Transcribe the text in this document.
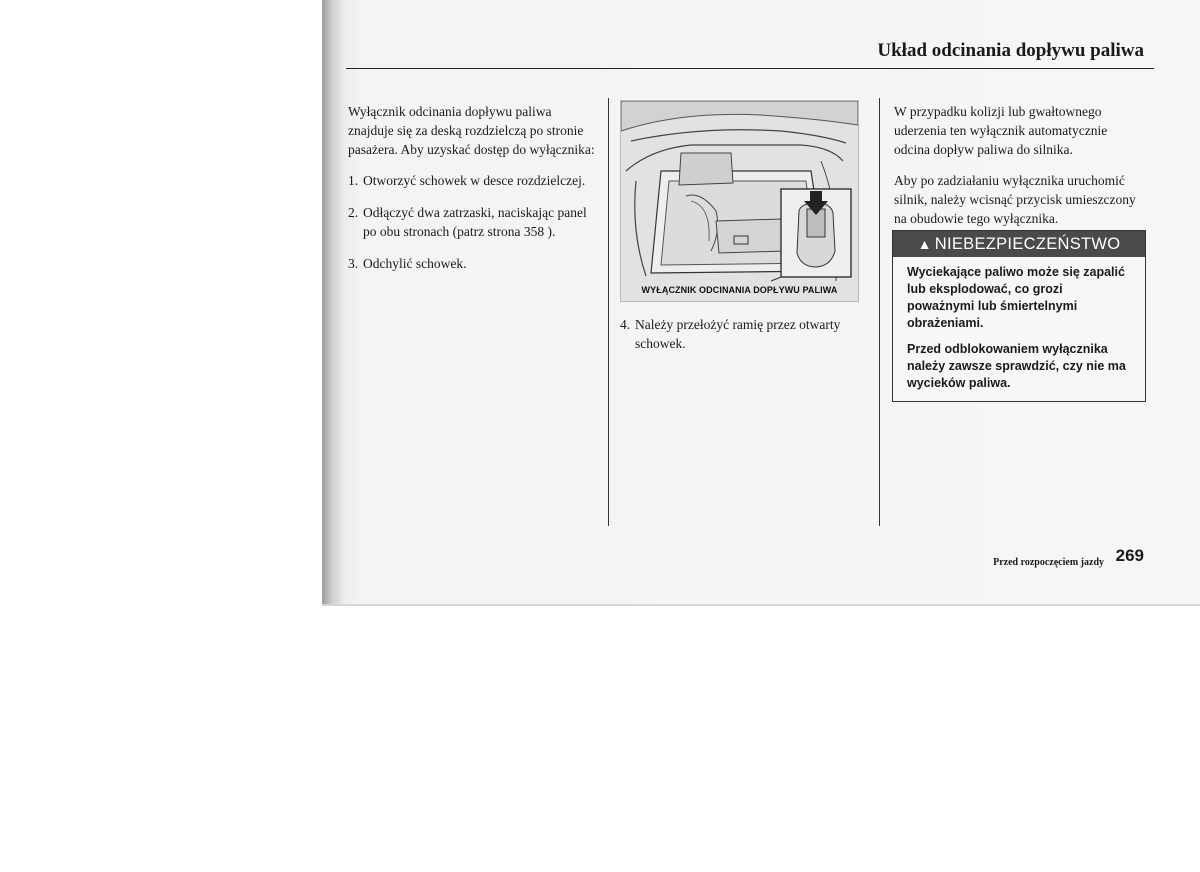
Układ odcinania dopływu paliwa

Wyłącznik odcinania dopływu paliwa znajduje się za deską rozdzielczą po stronie pasażera. Aby uzyskać dostęp do wyłącznika:

1. Otworzyć schowek w desce rozdzielczej.
2. Odłączyć dwa zatrzaski, naciskając panel po obu stronach (patrz strona 358 ).
3. Odchylić schowek.
WYŁĄCZNIK ODCINANIA DOPŁYWU PALIWA
4. Należy przełożyć ramię przez otwarty schowek.

W przypadku kolizji lub gwałtownego uderzenia ten wyłącznik automatycznie odcina dopływ paliwa do silnika.

Aby po zadziałaniu wyłącznika uruchomić silnik, należy wcisnąć przycisk umieszczony na obudowie tego wyłącznika.

▲ NIEBEZPIECZEŃSTWO

Wyciekające paliwo może się zapalić lub eksplodować, co grozi poważnymi lub śmiertelnymi obrażeniami.

Przed odblokowaniem wyłącznika należy zawsze sprawdzić, czy nie ma wycieków paliwa.

Przed rozpoczęciem jazdy 269
